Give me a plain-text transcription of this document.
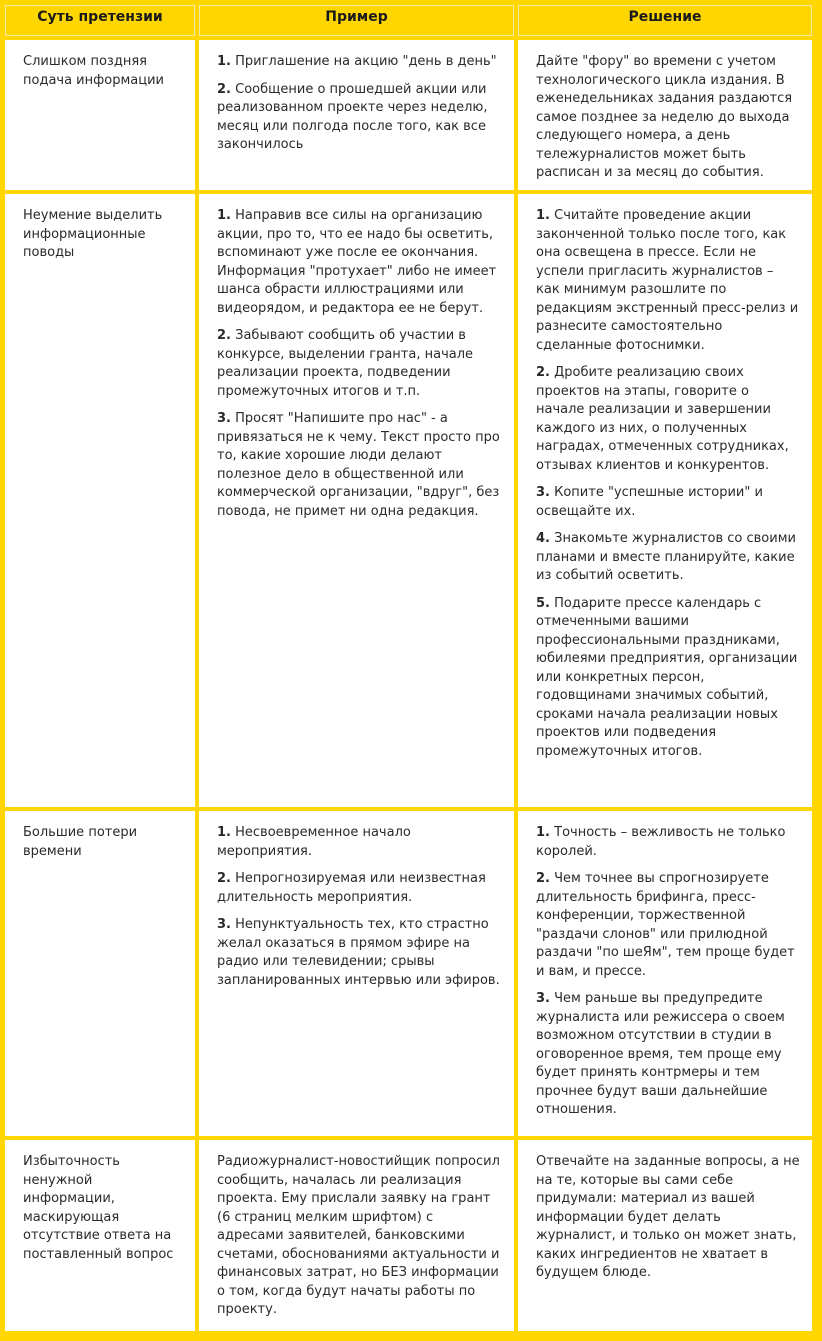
Суть претензии	Пример	Решение
Слишком поздняя подача информации
1. Приглашение на акцию "день в день"
2. Сообщение о прошедшей акции или реализованном проекте через неделю, месяц или полгода после того, как все закончилось
Дайте "фору" во времени с учетом технологического цикла издания. В еженедельниках задания раздаются самое позднее за неделю до выхода следующего номера, а день тележурналистов может быть расписан и за месяц до события.
Неумение выделить информационные поводы
1. Направив все силы на организацию акции, про то, что ее надо бы осветить, вспоминают уже после ее окончания. Информация "протухает" либо не имеет шанса обрасти иллюстрациями или видеорядом, и редактора ее не берут.
2. Забывают сообщить об участии в конкурсе, выделении гранта, начале реализации проекта, подведении промежуточных итогов и т.п.
3. Просят "Напишите про нас" - а привязаться не к чему. Текст просто про то, какие хорошие люди делают полезное дело в общественной или коммерческой организации, "вдруг", без повода, не примет ни одна редакция.
1. Считайте проведение акции законченной только после того, как она освещена в прессе. Если не успели пригласить журналистов – как минимум разошлите по редакциям экстренный пресс-релиз и разнесите самостоятельно сделанные фотоснимки.
2. Дробите реализацию своих проектов на этапы, говорите о начале реализации и завершении каждого из них, о полученных наградах, отмеченных сотрудниках, отзывах клиентов и конкурентов.
3. Копите "успешные истории" и освещайте их.
4. Знакомьте журналистов со своими планами и вместе планируйте, какие из событий осветить.
5. Подарите прессе календарь с отмеченными вашими профессиональными праздниками, юбилеями предприятия, организации или конкретных персон, годовщинами значимых событий, сроками начала реализации новых проектов или подведения промежуточных итогов.
Большие потери времени
1. Несвоевременное начало мероприятия.
2. Непрогнозируемая или неизвестная длительность мероприятия.
3. Непунктуальность тех, кто страстно желал оказаться в прямом эфире на радио или телевидении; срывы запланированных интервью или эфиров.
1. Точность – вежливость не только королей.
2. Чем точнее вы спрогнозируете длительность брифинга, пресс-конференции, торжественной "раздачи слонов" или прилюдной раздачи "по шеЯм", тем проще будет и вам, и прессе.
3. Чем раньше вы предупредите журналиста или режиссера о своем возможном отсутствии в студии в оговоренное время, тем проще ему будет принять контрмеры и тем прочнее будут ваши дальнейшие отношения.
Избыточность ненужной информации, маскирующая отсутствие ответа на поставленный вопрос
Радиожурналист-новостийщик попросил сообщить, началась ли реализация проекта. Ему прислали заявку на грант (6 страниц мелким шрифтом) с адресами заявителей, банковскими счетами, обоснованиями актуальности и финансовых затрат, но БЕЗ информации о том, когда будут начаты работы по проекту.
Отвечайте на заданные вопросы, а не на те, которые вы сами себе придумали: материал из вашей информации будет делать журналист, и только он может знать, каких ингредиентов не хватает в будущем блюде.
